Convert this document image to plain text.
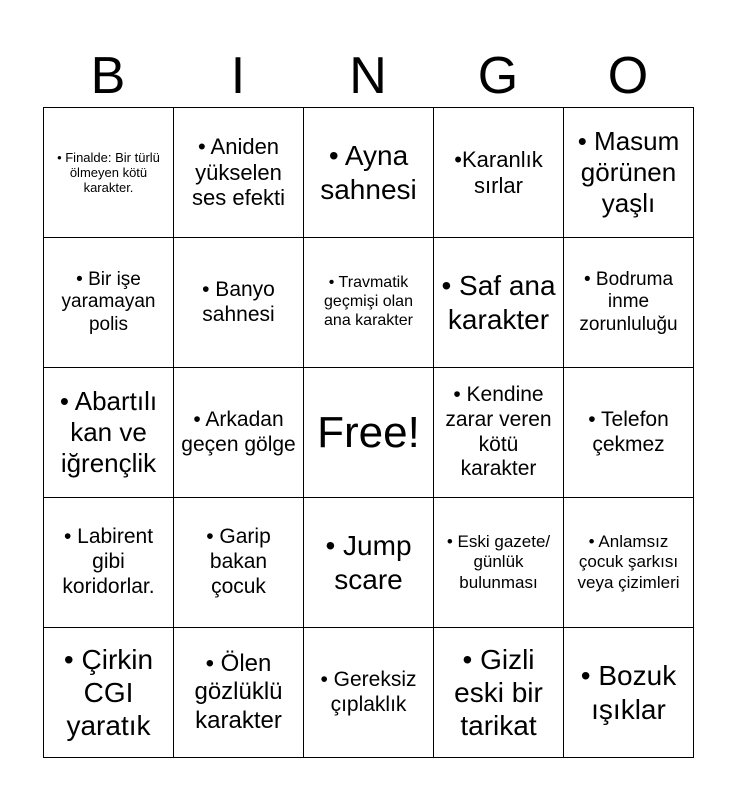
B	I	N	G	O
• Finalde: Bir türlü ölmeyen kötü karakter.	• Aniden yükselen ses efekti	• Ayna sahnesi	•Karanlık sırlar	• Masum görünen yaşlı
• Bir işe yaramayan polis	• Banyo sahnesi	• Travmatik geçmişi olan ana karakter	• Saf ana karakter	• Bodruma inme zorunluluğu
• Abartılı kan ve iğrençlik	• Arkadan geçen gölge	Free!	• Kendine zarar veren kötü karakter	• Telefon çekmez
• Labirent gibi koridorlar.	• Garip bakan çocuk	• Jump scare	• Eski gazete/ günlük bulunması	• Anlamsız çocuk şarkısı veya çizimleri
• Çirkin CGI yaratık	• Ölen gözlüklü karakter	• Gereksiz çıplaklık	• Gizli eski bir tarikat	• Bozuk ışıklar
